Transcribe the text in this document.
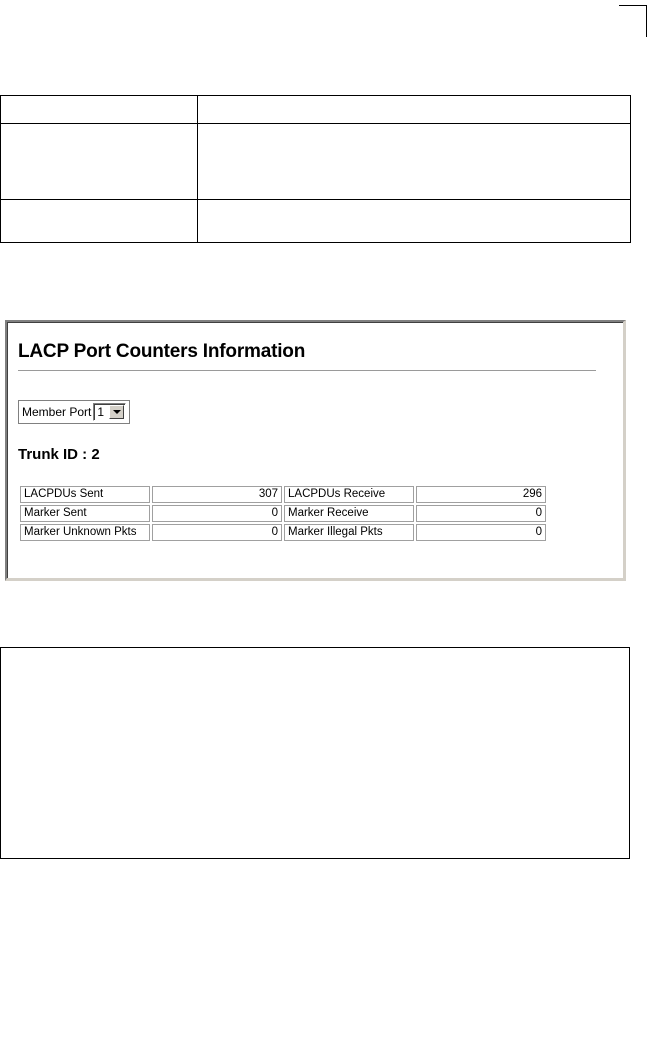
LACP Port Counters Information
Member Port 1
Trunk ID : 2
LACPDUs Sent	307	LACPDUs Receive	296
Marker Sent	0	Marker Receive	0
Marker Unknown Pkts	0	Marker Illegal Pkts	0
